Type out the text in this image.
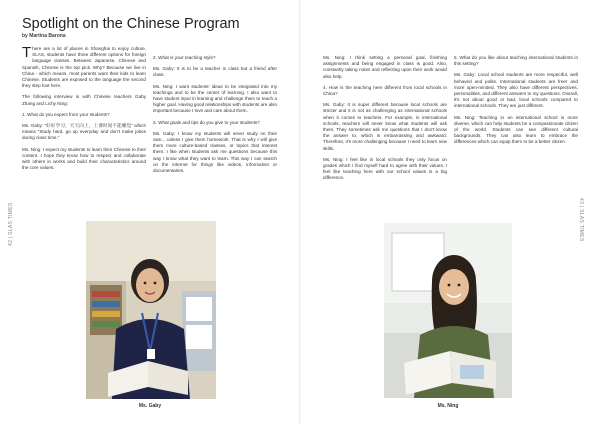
Spotlight on the Chinese Program
by Martina Barona

There are a lot of places in Shanghai to enjoy culture, SLAS, students have three different options for foreign language classes. Between Japanese, Chinese and Spanish, Chinese is the top pick. Why? Because we live in China - which means, most parents want their kids to learn Chinese. Students are exposed to the language the second they step foot here.

The following interview is with Chinese teachers Gaby Zhang and Lichy Ning:

1. What do you expect from your students?

Ms. Gaby: “好好学习，天天向上，上课时间不能睡觉” which means “Study hard, go up everyday and don't make jokes during class time.”

Ms. Ning: I expect my students to learn their Chinese to their content. I hope they know how to respect and collaborate with others in works and build their characteristics around the core values.

2. What is your teaching style?

Ms. Gaby: It is to be a teacher in class but a friend after class.

Ms. Ning: I want students' ideas to be integrated into my teachings and to be the center of learning. I also want to have student input in learning and challenge them to reach a higher goal. Having good relationships with students are also important because I love and care about them.

3. What goals and tips do you give to your students?

Ms. Gaby: I know my students will never study on their own... unless I give them homework. That is why I will give them more culture-based classes, or topics that interest them. I like when students ask me questions because this way I know what they want to learn. This way I can search on the internet for things like videos, information or documentaries.

Ms. Ning: I think setting a personal goal, finishing assignments and being engaged in class is good. Also, constantly taking notes and reflecting upon their work would also help.

4. How is the teaching here different from local schools in China?

Ms. Gaby: It is super different because local schools are stricter and it is not as challenging as international schools when it comes to teachers. For example, in international schools, teachers will never know what students will ask them. They sometimes ask me questions that I don't know the answer to, which is embarrassing and awkward. Therefore, it's more challenging because I need to learn new skills.

Ms. Ning: I feel like in local schools they only focus on grades which I find myself hard to agree with their values. I feel like teaching here with our school values is a big difference.

5. What do you like about teaching international students in this setting?

Ms. Gaby: Local school students are more respectful, well behaved and polite. International students are freer and more open-minded. They also have different perspectives, personalities, and different answers to my questions. Overall, it's not about good or bad, local schools compared to international schools. They are just different.

Ms. Ning: Teaching in an international school is more diverse, which can help students be a compassionate citizen of the world. Students can see different cultural backgrounds. They can also learn to embrace the differences which can equip them to be a better citizen.

42 | SLAS TIMES	43 | SLAS TIMES
Ms. Gaby	Ms. Ning
